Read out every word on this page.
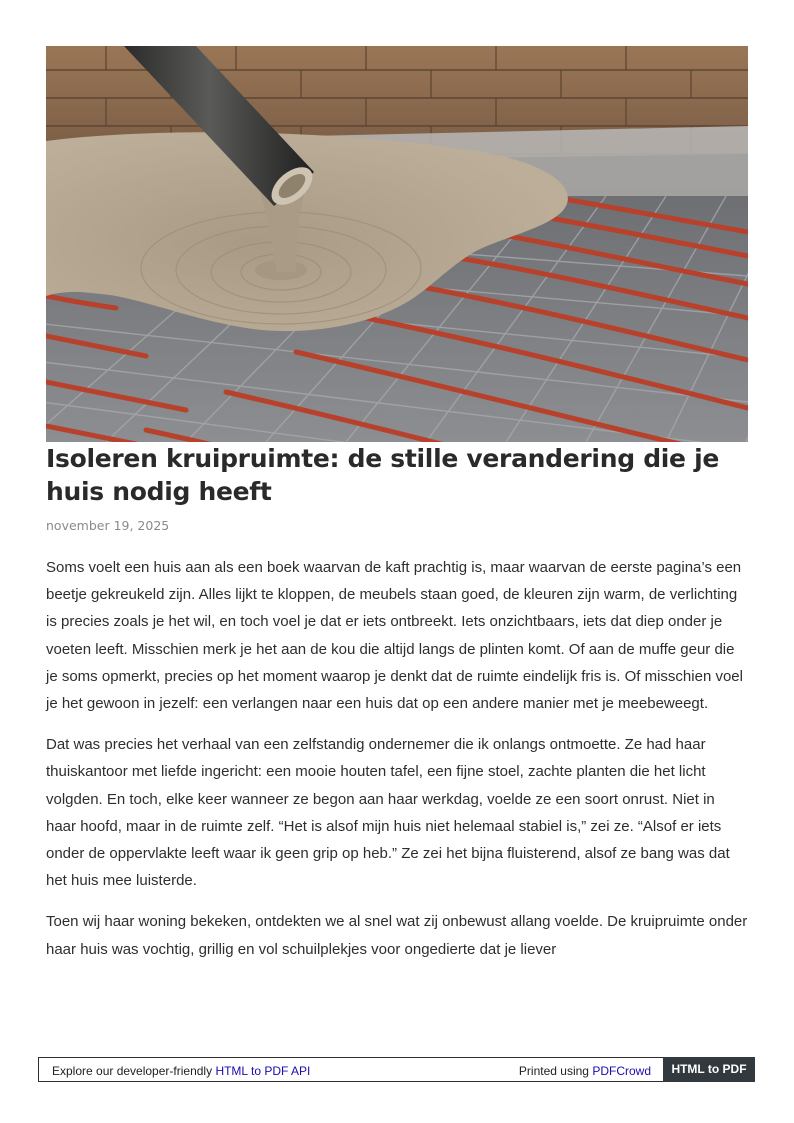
Isoleren kruipruimte: de stille verandering die je huis nodig heeft
november 19, 2025

Soms voelt een huis aan als een boek waarvan de kaft prachtig is, maar waarvan de eerste pagina’s een beetje gekreukeld zijn. Alles lijkt te kloppen, de meubels staan goed, de kleuren zijn warm, de verlichting is precies zoals je het wil, en toch voel je dat er iets ontbreekt. Iets onzichtbaars, iets dat diep onder je voeten leeft. Misschien merk je het aan de kou die altijd langs de plinten komt. Of aan de muffe geur die je soms opmerkt, precies op het moment waarop je denkt dat de ruimte eindelijk fris is. Of misschien voel je het gewoon in jezelf: een verlangen naar een huis dat op een andere manier met je meebeweegt.

Dat was precies het verhaal van een zelfstandig ondernemer die ik onlangs ontmoette. Ze had haar thuiskantoor met liefde ingericht: een mooie houten tafel, een fijne stoel, zachte planten die het licht volgden. En toch, elke keer wanneer ze begon aan haar werkdag, voelde ze een soort onrust. Niet in haar hoofd, maar in de ruimte zelf. “Het is alsof mijn huis niet helemaal stabiel is,” zei ze. “Alsof er iets onder de oppervlakte leeft waar ik geen grip op heb.” Ze zei het bijna fluisterend, alsof ze bang was dat het huis mee luisterde.

Toen wij haar woning bekeken, ontdekten we al snel wat zij onbewust allang voelde. De kruipruimte onder haar huis was vochtig, grillig en vol schuilplekjes voor ongedierte dat je liever

Explore our developer-friendly HTML to PDF API	Printed using PDFCrowd	HTML to PDF
